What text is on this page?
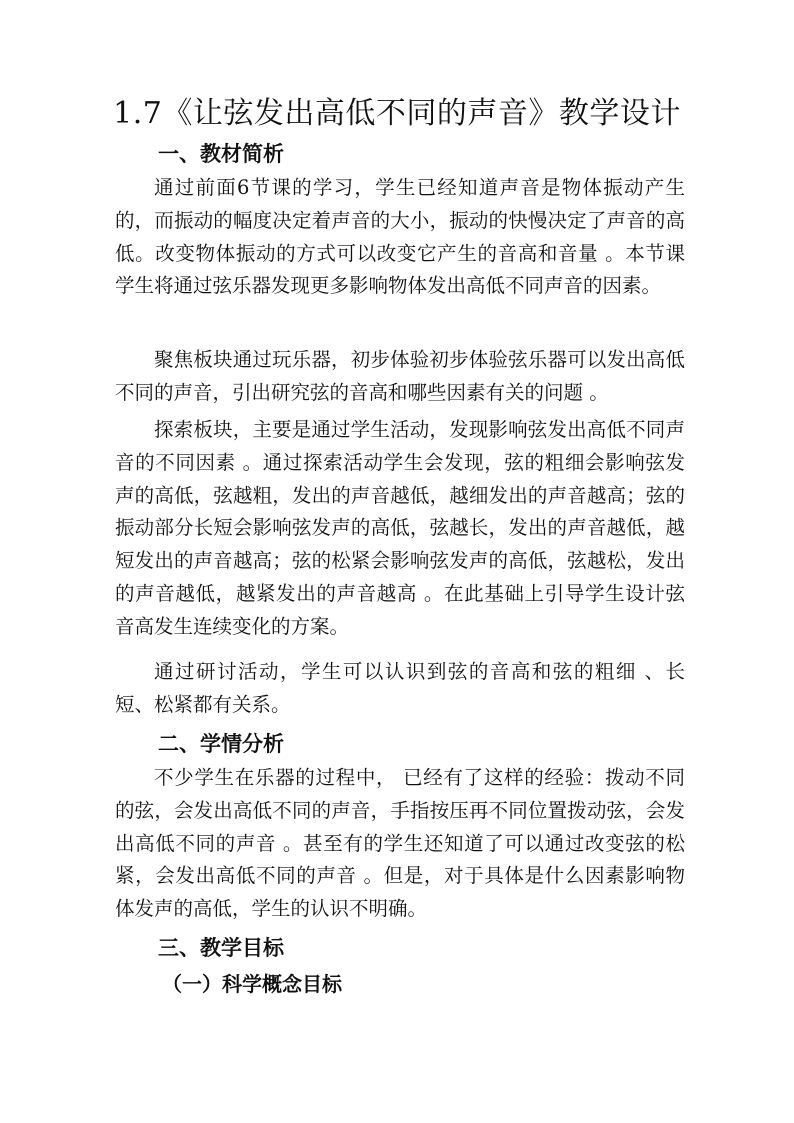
1.7《让弦发出高低不同的声音》教学设计
一、教材简析

通过前面6节课的学习，学生已经知道声音是物体振动产生的，而振动的幅度决定着声音的大小，振动的快慢决定了声音的高低。改变物体振动的方式可以改变它产生的音高和音量 。本节课学生将通过弦乐器发现更多影响物体发出高低不同声音的因素。

聚焦板块通过玩乐器，初步体验初步体验弦乐器可以发出高低不同的声音，引出研究弦的音高和哪些因素有关的问题 。

探索板块，主要是通过学生活动，发现影响弦发出高低不同声音的不同因素 。通过探索活动学生会发现，弦的粗细会影响弦发声的高低，弦越粗，发出的声音越低，越细发出的声音越高；弦的振动部分长短会影响弦发声的高低，弦越长，发出的声音越低，越短发出的声音越高；弦的松紧会影响弦发声的高低，弦越松，发出的声音越低，越紧发出的声音越高 。在此基础上引导学生设计弦音高发生连续变化的方案。

通过研讨活动，学生可以认识到弦的音高和弦的粗细 、长短、松紧都有关系。

二、学情分析

不少学生在乐器的过程中， 已经有了这样的经验：拨动不同的弦，会发出高低不同的声音，手指按压再不同位置拨动弦，会发出高低不同的声音 。甚至有的学生还知道了可以通过改变弦的松紧，会发出高低不同的声音 。但是，对于具体是什么因素影响物体发声的高低，学生的认识不明确。

三、教学目标
（一）科学概念目标
